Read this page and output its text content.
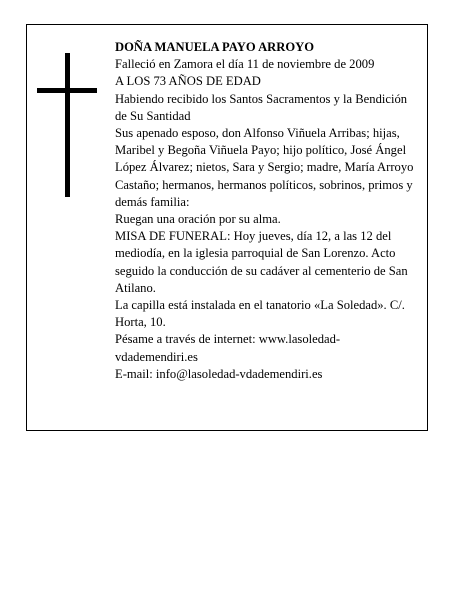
DOÑA MANUELA PAYO ARROYO

Falleció en Zamora el día 11 de noviembre de 2009

A LOS 73 AÑOS DE EDAD

Habiendo recibido los Santos Sacramentos y la Bendición de Su Santidad

Sus apenado esposo, don Alfonso Viñuela Arribas; hijas, Maribel y Begoña Viñuela Payo; hijo político, José Ángel López Álvarez; nietos, Sara y Sergio; madre, María Arroyo Castaño; hermanos, hermanos políticos, sobrinos, primos y demás familia:

Ruegan una oración por su alma.

MISA DE FUNERAL: Hoy jueves, día 12, a las 12 del mediodía, en la iglesia parroquial de San Lorenzo. Acto seguido la conducción de su cadáver al cementerio de San Atilano.

La capilla está instalada en el tanatorio «La Soledad». C/. Horta, 10.

Pésame a través de internet: www.lasoledad-vdademendiri.es

E-mail: info@lasoledad-vdademendiri.es
